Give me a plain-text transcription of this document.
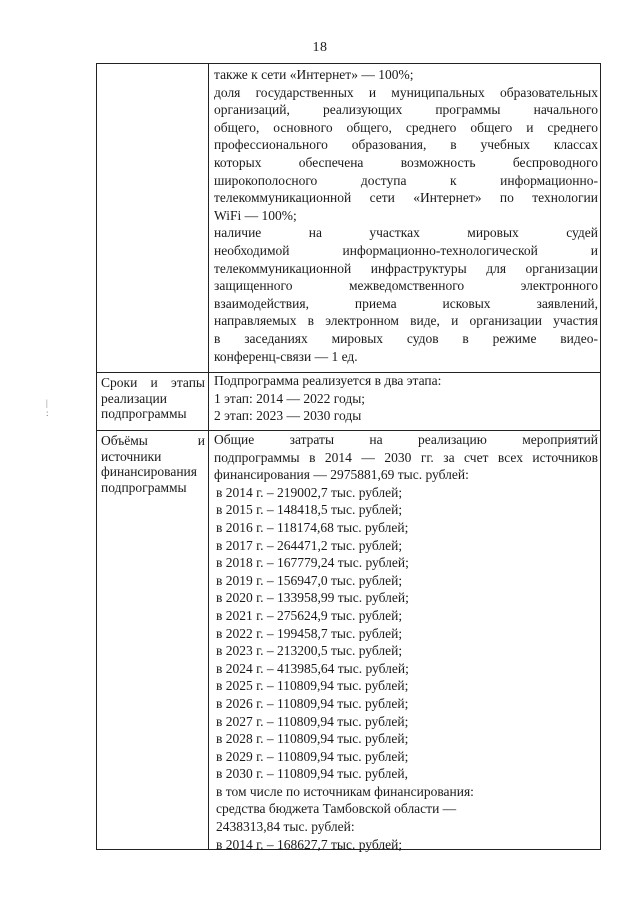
18
|
:
также к сети «Интернет» — 100%;
доля государственных и муниципальных образовательных
организаций, реализующих программы начального
общего, основного общего, среднего общего и среднего
профессионального образования, в учебных классах
которых обеспечена возможность беспроводного
широкополосного доступа к информационно-
телекоммуникационной сети «Интернет» по технологии
WiFi — 100%;
наличие на участках мировых судей
необходимой информационно-технологической и
телекоммуникационной инфраструктуры для организации
защищенного межведомственного электронного
взаимодействия, приема исковых заявлений,
направляемых в электронном виде, и организации участия
в заседаниях мировых судов в режиме видео-
конференц-связи — 1 ед.
Сроки и этапы
реализации
подпрограммы
Подпрограмма реализуется в два этапа:
1 этап: 2014 — 2022 годы;
2 этап: 2023 — 2030 годы
Объёмы и
источники
финансирования
подпрограммы
Общие затраты на реализацию мероприятий
подпрограммы в 2014 — 2030 гг. за счет всех источников
финансирования — 2975881,69 тыс. рублей:
в 2014 г. – 219002,7 тыс. рублей;
в 2015 г. – 148418,5 тыс. рублей;
в 2016 г. – 118174,68 тыс. рублей;
в 2017 г. – 264471,2 тыс. рублей;
в 2018 г. – 167779,24 тыс. рублей;
в 2019 г. – 156947,0 тыс. рублей;
в 2020 г. – 133958,99 тыс. рублей;
в 2021 г. – 275624,9 тыс. рублей;
в 2022 г. – 199458,7 тыс. рублей;
в 2023 г. – 213200,5 тыс. рублей;
в 2024 г. – 413985,64 тыс. рублей;
в 2025 г. – 110809,94 тыс. рублей;
в 2026 г. – 110809,94 тыс. рублей;
в 2027 г. – 110809,94 тыс. рублей;
в 2028 г. – 110809,94 тыс. рублей;
в 2029 г. – 110809,94 тыс. рублей;
в 2030 г. – 110809,94 тыс. рублей,
в том числе по источникам финансирования:
средства бюджета Тамбовской области —
2438313,84 тыс. рублей:
в 2014 г. – 168627,7 тыс. рублей;
